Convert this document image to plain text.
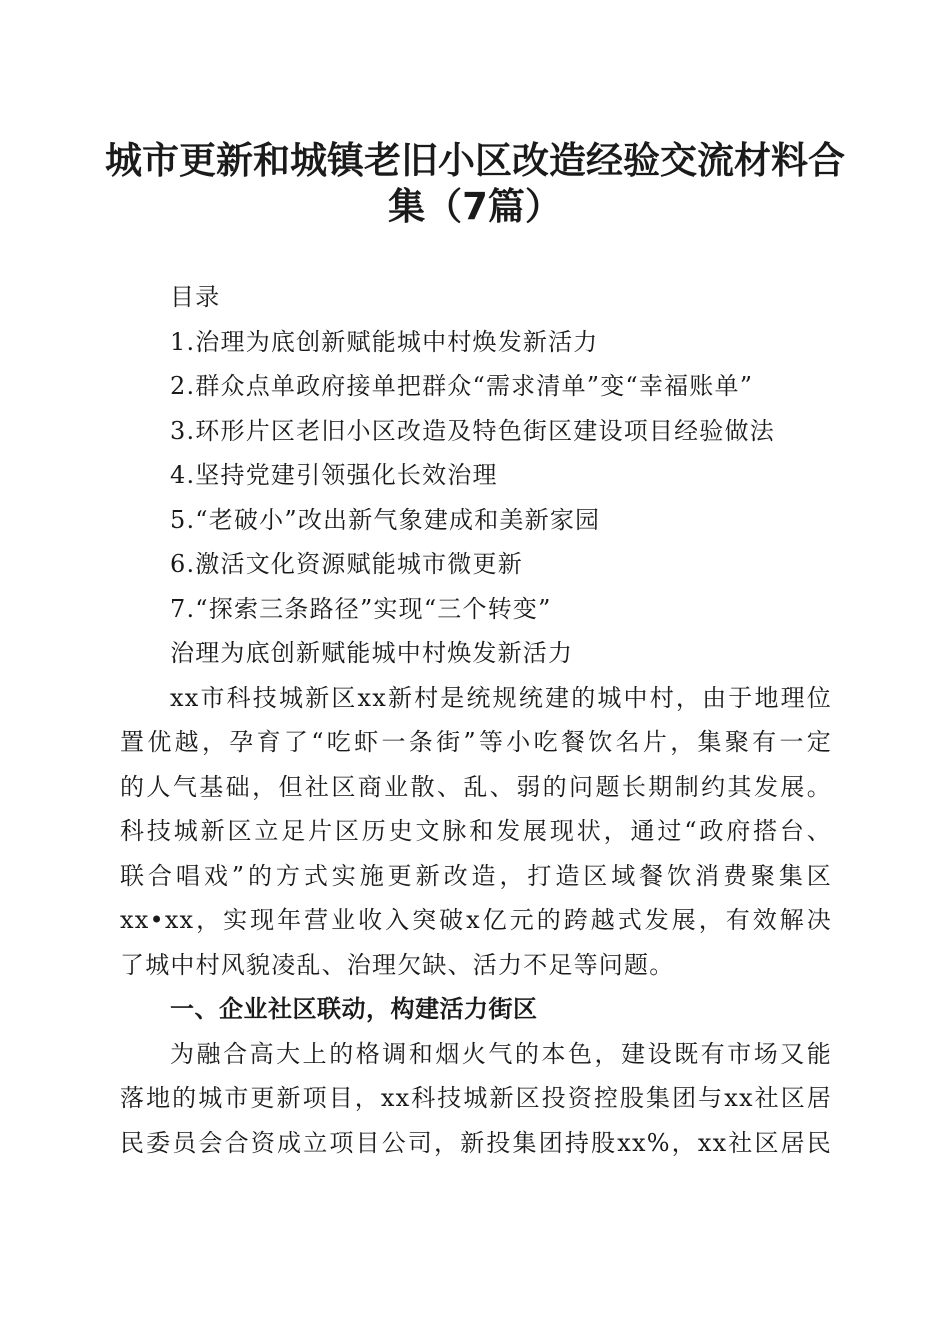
城市更新和城镇老旧小区改造经验交流材料合
集（7篇）
目录
1.治理为底创新赋能城中村焕发新活力
2.群众点单政府接单把群众“需求清单”变“幸福账单”
3.环形片区老旧小区改造及特色街区建设项目经验做法
4.坚持党建引领强化长效治理
5.“老破小”改出新气象建成和美新家园
6.激活文化资源赋能城市微更新
7.“探索三条路径”实现“三个转变”
治理为底创新赋能城中村焕发新活力
xx市科技城新区xx新村是统规统建的城中村，由于地理位
置优越，孕育了“吃虾一条街”等小吃餐饮名片，集聚有一定
的人气基础，但社区商业散、乱、弱的问题长期制约其发展。
科技城新区立足片区历史文脉和发展现状，通过“政府搭台、
联合唱戏”的方式实施更新改造，打造区域餐饮消费聚集区
xx•xx，实现年营业收入突破x亿元的跨越式发展，有效解决
了城中村风貌凌乱、治理欠缺、活力不足等问题。
一、企业社区联动，构建活力街区
为融合高大上的格调和烟火气的本色，建设既有市场又能
落地的城市更新项目，xx科技城新区投资控股集团与xx社区居
民委员会合资成立项目公司，新投集团持股xx%，xx社区居民
